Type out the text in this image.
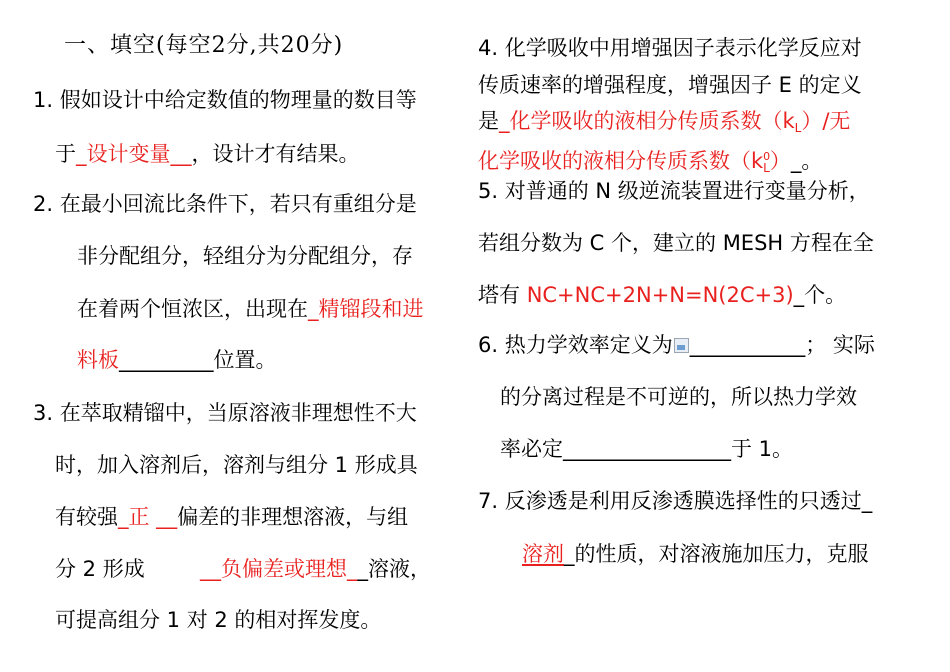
一、填空(每空2分,共20分)
1. 假如设计中给定数值的物理量的数目等
于_设计变量__，设计才有结果。
2. 在最小回流比条件下，若只有重组分是
非分配组分，轻组分为分配组分，存
在着两个恒浓区，出现在_精镏段和进
料板_________位置。
3. 在萃取精镏中，当原溶液非理想性不大
时，加入溶剂后，溶剂与组分 1 形成具
有较强_正 __偏差的非理想溶液，与组
分 2 形成	__负偏差或理想__溶液，
可提高组分 1 对 2 的相对挥发度。
4. 化学吸收中用增强因子表示化学反应对
传质速率的增强程度，增强因子 E 的定义
是_化学吸收的液相分传质系数$(k_L)/$无
化学吸收的液相分传质系数$(k^0_L)\_$。
5. 对普通的 N 级逆流装置进行变量分析，
若组分数为 C 个，建立的 MESH 方程在全
塔有 NC+NC+2N+N=N(2C+3)_个。
6. 热力学效率定义为 ___________； 实际
的分离过程是不可逆的，所以热力学效
率必定________________于 1。
7. 反渗透是利用反渗透膜选择性的只透过_
溶剂_的性质，对溶液施加压力，克服
